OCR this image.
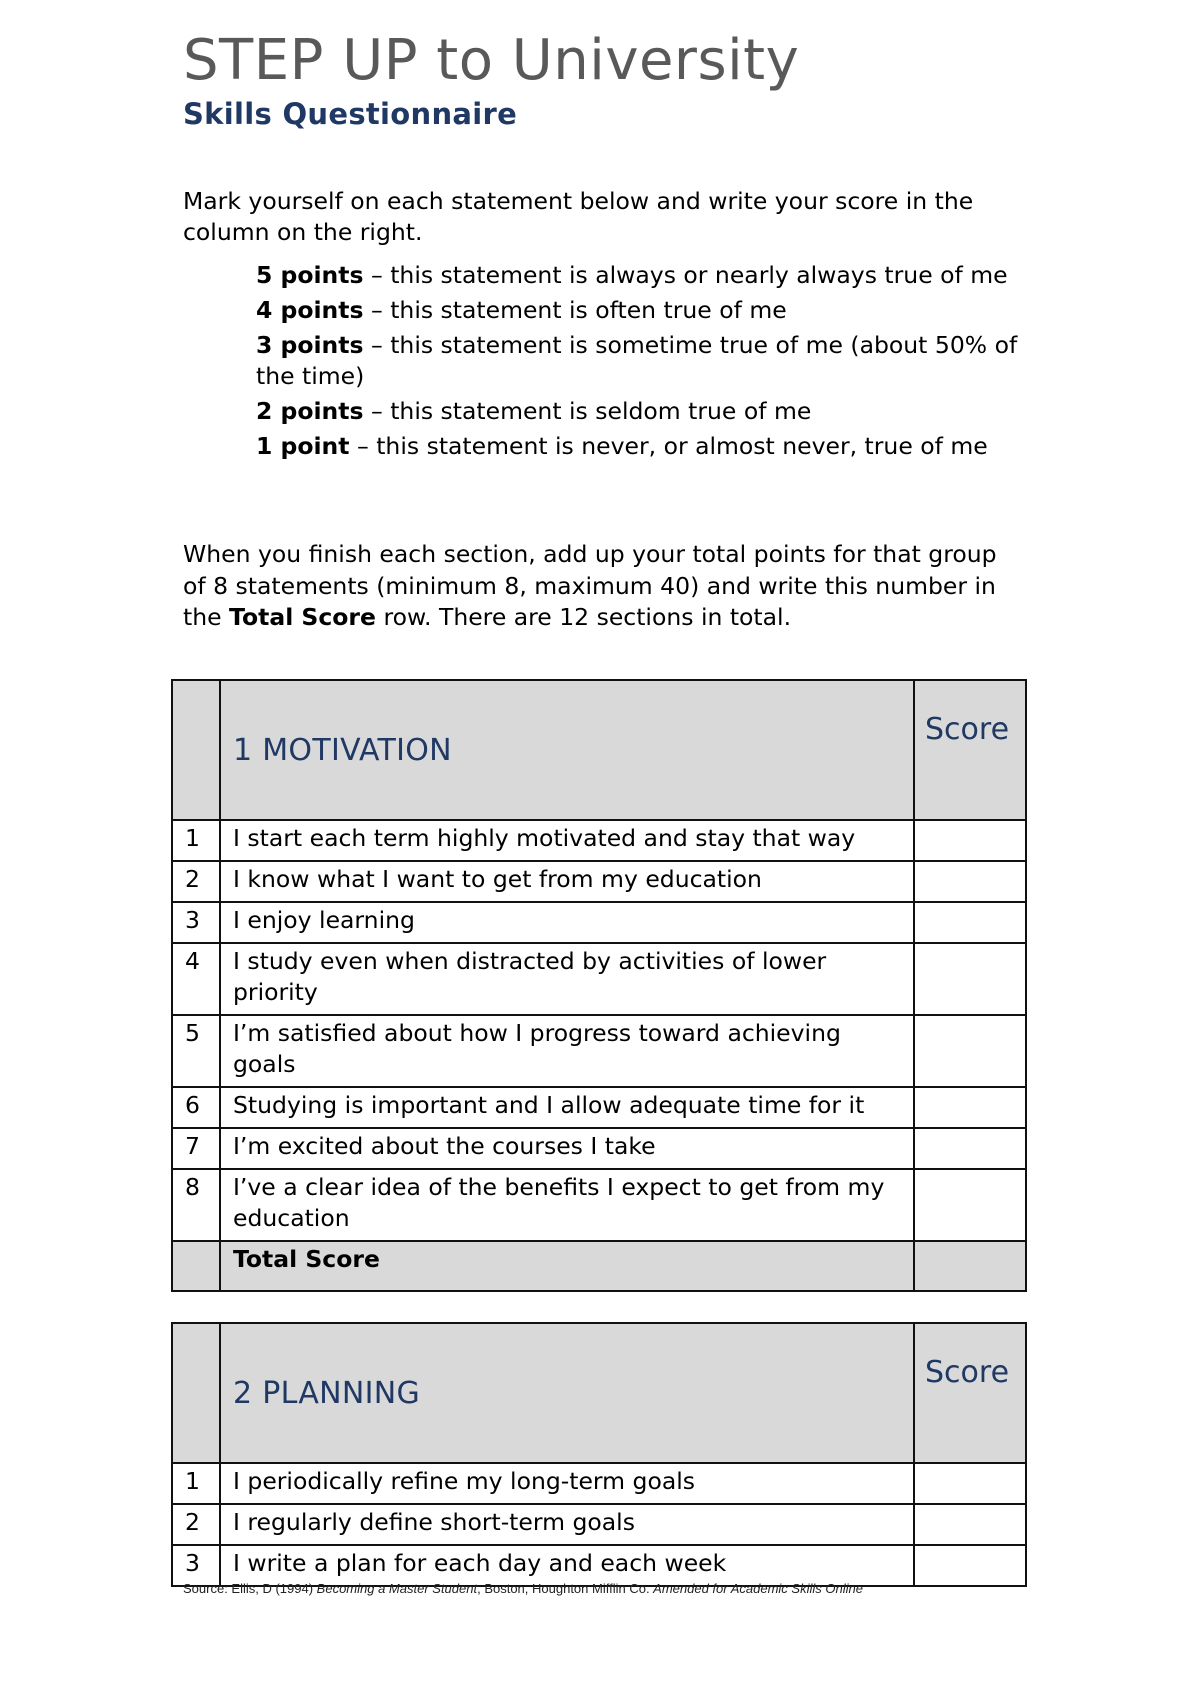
STEP UP to University
Skills Questionnaire

Mark yourself on each statement below and write your score in the column on the right.

5 points – this statement is always or nearly always true of me
4 points – this statement is often true of me
3 points – this statement is sometime true of me (about 50% of the time)
2 points – this statement is seldom true of me
1 point – this statement is never, or almost never, true of me

When you finish each section, add up your total points for that group of 8 statements (minimum 8, maximum 40) and write this number in the Total Score row. There are 12 sections in total.

	1 MOTIVATION	Score
1	I start each term highly motivated and stay that way	
2	I know what I want to get from my education	
3	I enjoy learning	
4	I study even when distracted by activities of lower priority	
5	I’m satisfied about how I progress toward achieving goals	
6	Studying is important and I allow adequate time for it	
7	I’m excited about the courses I take	
8	I’ve a clear idea of the benefits I expect to get from my education	
	Total Score	
	2 PLANNING	Score
1	I periodically refine my long-term goals	
2	I regularly define short-term goals	
3	I write a plan for each day and each week	

Source: Ellis, D (1994) Becoming a Master Student, Boston, Houghton Mifflin Co. Amended for Academic Skills Online
